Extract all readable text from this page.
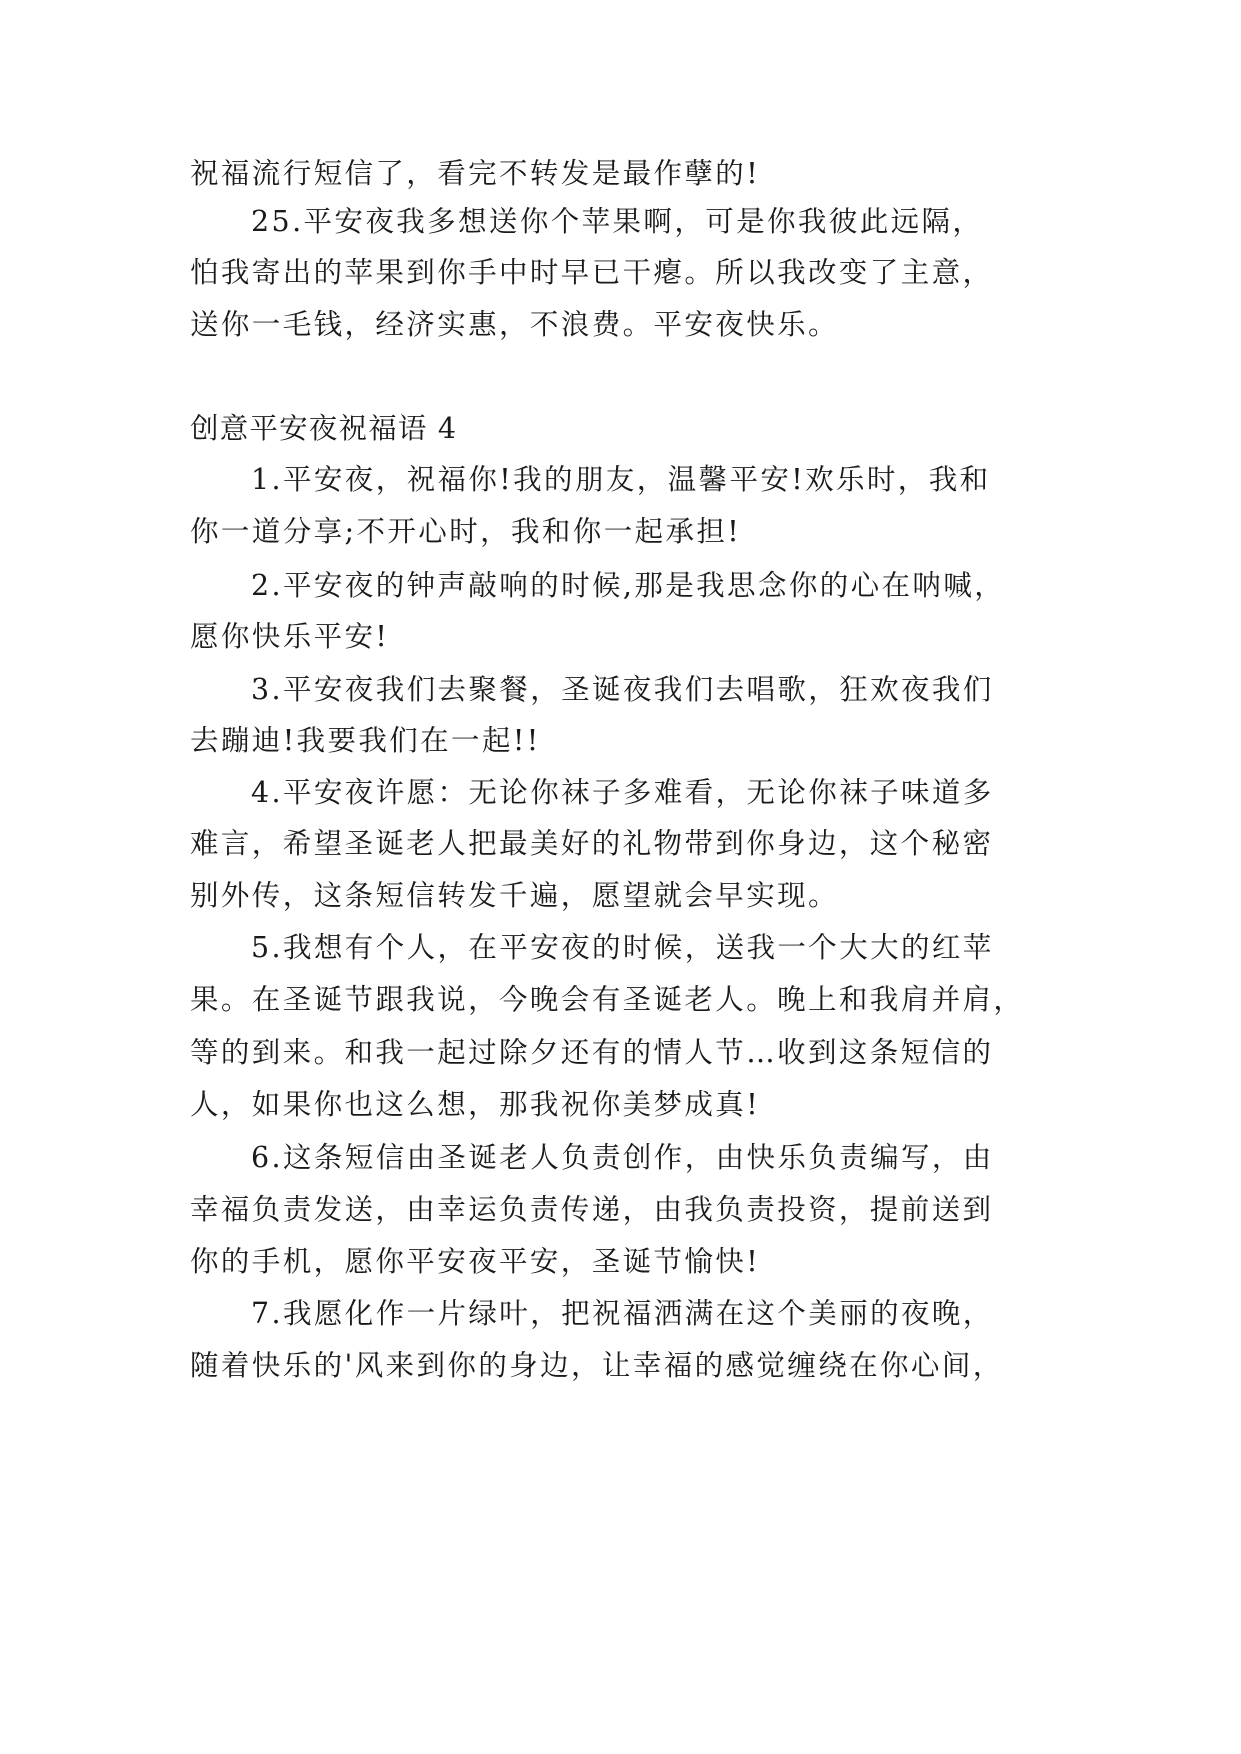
祝福流行短信了，看完不转发是最作孽的!
25.平安夜我多想送你个苹果啊，可是你我彼此远隔，
怕我寄出的苹果到你手中时早已干瘪。所以我改变了主意，
送你一毛钱，经济实惠，不浪费。平安夜快乐。
创意平安夜祝福语 4
1.平安夜，祝福你!我的朋友，温馨平安!欢乐时，我和
你一道分享;不开心时，我和你一起承担!
2.平安夜的钟声敲响的时候,那是我思念你的心在呐喊，
愿你快乐平安!
3.平安夜我们去聚餐，圣诞夜我们去唱歌，狂欢夜我们
去蹦迪!我要我们在一起!!
4.平安夜许愿：无论你袜子多难看，无论你袜子味道多
难言，希望圣诞老人把最美好的礼物带到你身边，这个秘密
别外传，这条短信转发千遍，愿望就会早实现。
5.我想有个人，在平安夜的时候，送我一个大大的红苹
果。在圣诞节跟我说，今晚会有圣诞老人。晚上和我肩并肩，
等的到来。和我一起过除夕还有的情人节…收到这条短信的
人，如果你也这么想，那我祝你美梦成真!
6.这条短信由圣诞老人负责创作，由快乐负责编写，由
幸福负责发送，由幸运负责传递，由我负责投资，提前送到
你的手机，愿你平安夜平安，圣诞节愉快!
7.我愿化作一片绿叶，把祝福洒满在这个美丽的夜晚，
随着快乐的'风来到你的身边，让幸福的感觉缠绕在你心间，
